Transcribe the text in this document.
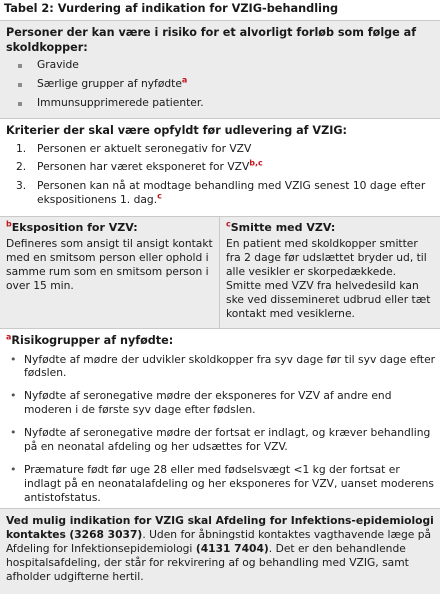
Tabel 2: Vurdering af indikation for VZIG-behandling
Personer der kan være i risiko for et alvorligt forløb som følge af skoldkopper:
Gravide
Særlige grupper af nyfødte$^a$
Immunsupprimerede patienter.
Kriterier der skal være opfyldt før udlevering af VZIG:
1.	Personen er aktuelt seronegativ for VZV
2.	Personen har været eksponeret for VZV$^{b,c}$
3.	Personen kan nå at modtage behandling med VZIG senest 10 dage efter ekspositionens 1. dag.$^c$
$^b$Eksposition for VZV:
Defineres som ansigt til ansigt kontakt med en smitsom person eller ophold i samme rum som en smitsom person i over 15 min.
$^c$Smitte med VZV:
En patient med skoldkopper smitter fra 2 dage før udslættet bryder ud, til alle vesikler er skorpedækkede. Smitte med VZV fra helvedesild kan ske ved dissemineret udbrud eller tæt kontakt med vesiklerne.
$^a$Risikogrupper af nyfødte:
• Nyfødte af mødre der udvikler skoldkopper fra syv dage før til syv dage efter fødslen.
• Nyfødte af seronegative mødre der eksponeres for VZV af andre end moderen i de første syv dage efter fødslen.
• Nyfødte af seronegative mødre der fortsat er indlagt, og kræver behandling på en neonatal afdeling og her udsættes for VZV.
• Præmature født før uge 28 eller med fødselsvægt <1 kg der fortsat er indlagt på en neonatalafdeling og her eksponeres for VZV, uanset moderens antistofstatus.
Ved mulig indikation for VZIG skal Afdeling for Infektions-epidemiologi kontaktes (3268 3037). Uden for åbningstid kontaktes vagthavende læge på Afdeling for Infektionsepidemiologi (4131 7404). Det er den behandlende hospitalsafdeling, der står for rekvirering af og behandling med VZIG, samt afholder udgifterne hertil.
